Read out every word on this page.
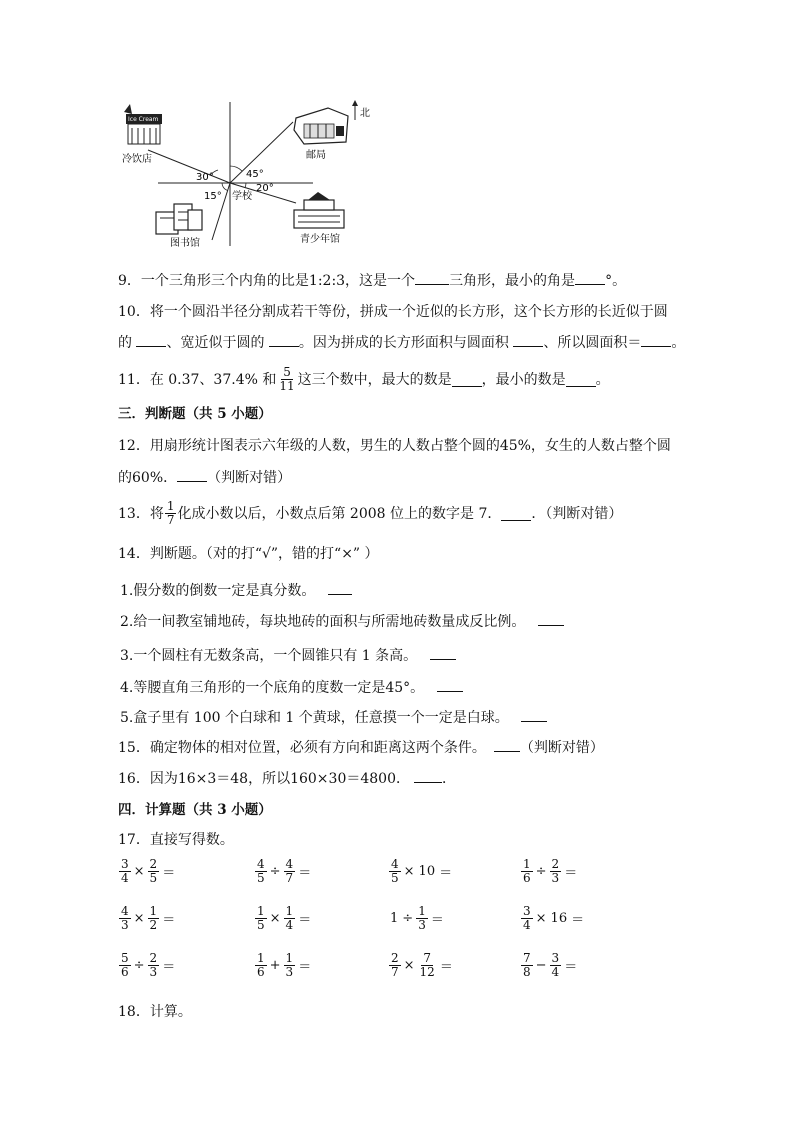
北
冷饮店	邮局
图书馆	青少年馆
学校
30°	45°
20°
15°
Ice Cream
9．一个三角形三个内角的比是1:2:3，这是一个 三角形，最小的角是 °。
10．将一个圆沿半径分割成若干等份，拼成一个近似的长方形，这个长方形的长近似于圆
的 、宽近似于圆的 。因为拼成的长方形面积与圆面积 、所以圆面积＝ 。
11．在 0.37、37.4% 和 $\frac{5}{11}$ 这三个数中，最大的数是 ，最小的数是 。
三．判断题（共 5 小题）
12．用扇形统计图表示六年级的人数，男生的人数占整个圆的45%，女生的人数占整个圆
的60%． （判断对错）
13．将 $\frac{1}{7}$ 化成小数以后，小数点后第 2008 位上的数字是 7． ．（判断对错）
14．判断题。（对的打“√”，错的打“×” ）
1.假分数的倒数一定是真分数。
2.给一间教室铺地砖，每块地砖的面积与所需地砖数量成反比例。
3.一个圆柱有无数条高，一个圆锥只有 1 条高。
4.等腰直角三角形的一个底角的度数一定是45°。
5.盒子里有 100 个白球和 1 个黄球，任意摸一个一定是白球。
15．确定物体的相对位置，必须有方向和距离这两个条件。 （判断对错）
16．因为16×3＝48，所以160×30＝4800． ．
四．计算题（共 3 小题）
17．直接写得数。
$\frac{3}{4} \times \frac{2}{5}$ ＝	$\frac{4}{5} \div \frac{4}{7}$ ＝	$\frac{4}{5} \times 10$ ＝	$\frac{1}{6} \div \frac{2}{3}$ ＝
$\frac{4}{3} \times \frac{1}{2}$ ＝	$\frac{1}{5} \times \frac{1}{4}$ ＝	$1 \div \frac{1}{3}$ ＝	$\frac{3}{4} \times 16$ ＝
$\frac{5}{6} \div \frac{2}{3}$ ＝	$\frac{1}{6} + \frac{1}{3}$ ＝	$\frac{2}{7} \times \frac{7}{12}$ ＝	$\frac{7}{8} - \frac{3}{4}$ ＝
18．计算。
